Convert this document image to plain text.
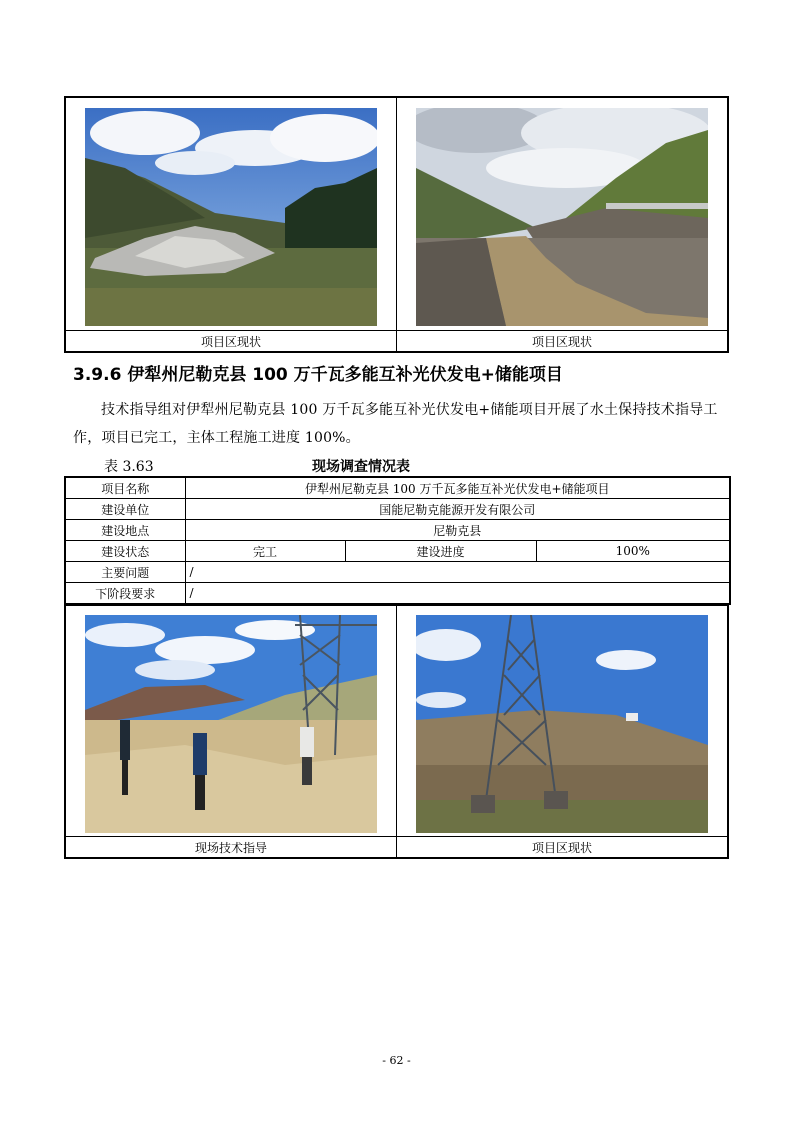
项目区现状	项目区现状
3.9.6 伊犁州尼勒克县 100 万千瓦多能互补光伏发电+储能项目
技术指导组对伊犁州尼勒克县 100 万千瓦多能互补光伏发电+储能项目开展了水土保持技术指导工作，项目已完工，主体工程施工进度 100%。
表 3.63	现场调查情况表
项目名称	伊犁州尼勒克县 100 万千瓦多能互补光伏发电+储能项目		
建设单位	国能尼勒克能源开发有限公司		
建设地点	尼勒克县		
建设状态	完工	建设进度	100%
主要问题	/		
下阶段要求	/		

现场技术指导	项目区现状
- 62 -
